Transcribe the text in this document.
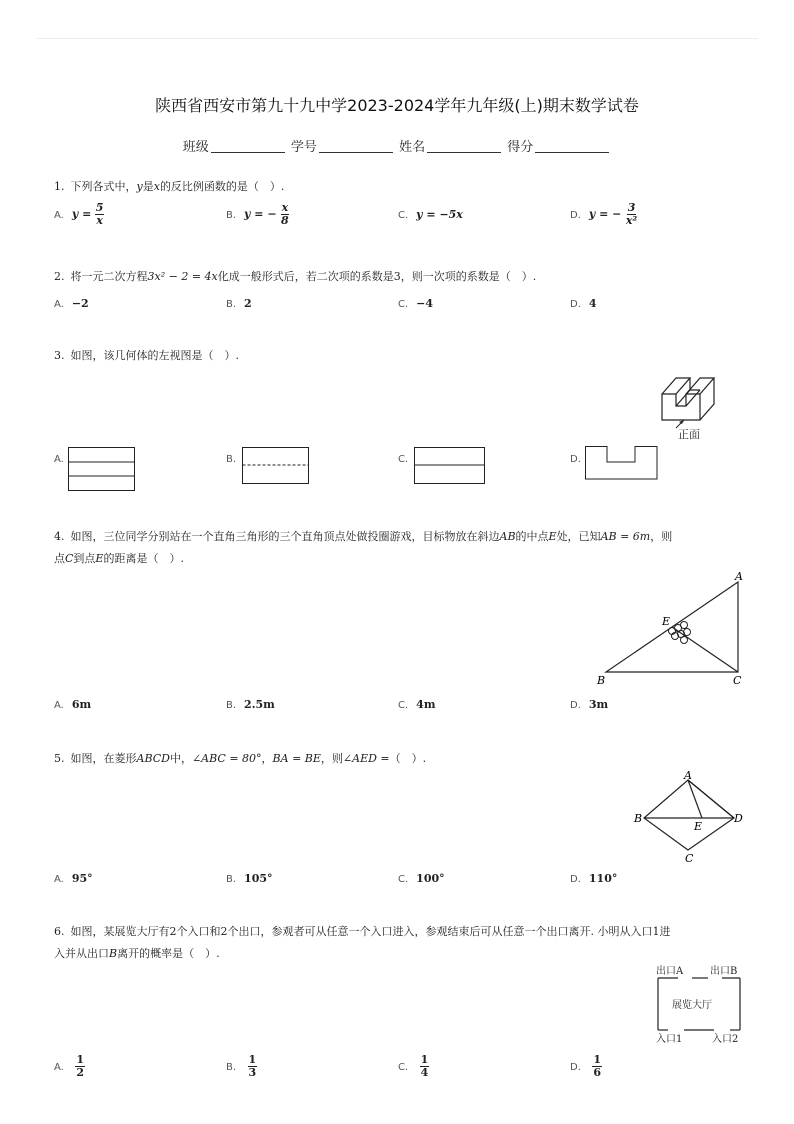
陕西省西安市第九十九中学2023-2024学年九年级(上)期末数学试卷
班级	学号	姓名	得分
1. 下列各式中，y是x的反比例函数的是（　）.
A. $y = \frac{5}{x}$	B. y = − $\frac{x}{8}$	C. y = −5x	D. y = − $\frac{3}{\text{x²}}$
2. 将一元二次方程3x² − 2 = 4x化成一般形式后，若二次项的系数是3，则一次项的系数是（　）.
A. −2	B. 2	C. −4	D. 4
3. 如图，该几何体的左视图是（　）.
正面
A.	B.	C.	D.
4. 如图，三位同学分别站在一个直角三角形的三个直角顶点处做投圈游戏，目标物放在斜边AB的中点E处，已知AB = 6m，则
点C到点E的距离是（　）.
A
B	C
E
A. 6m	B. 2.5m	C. 4m	D. 3m
5. 如图，在菱形ABCD中，∠ABC = 80°，BA = BE，则∠AED =（　）.
A
B
C
D
E
A. 95°	B. 105°	C. 100°	D. 110°
6. 如图，某展览大厅有2个入口和2个出口，参观者可从任意一个入口进入，参观结束后可从任意一个出口离开. 小明从入口1进
入并从出口B离开的概率是（　）.
出口A	出口B
展览大厅
入口1	入口2
A. $\frac{1}{2}$	B. $\frac{1}{3}$	C. $\frac{1}{4}$	D. $\frac{1}{6}$
